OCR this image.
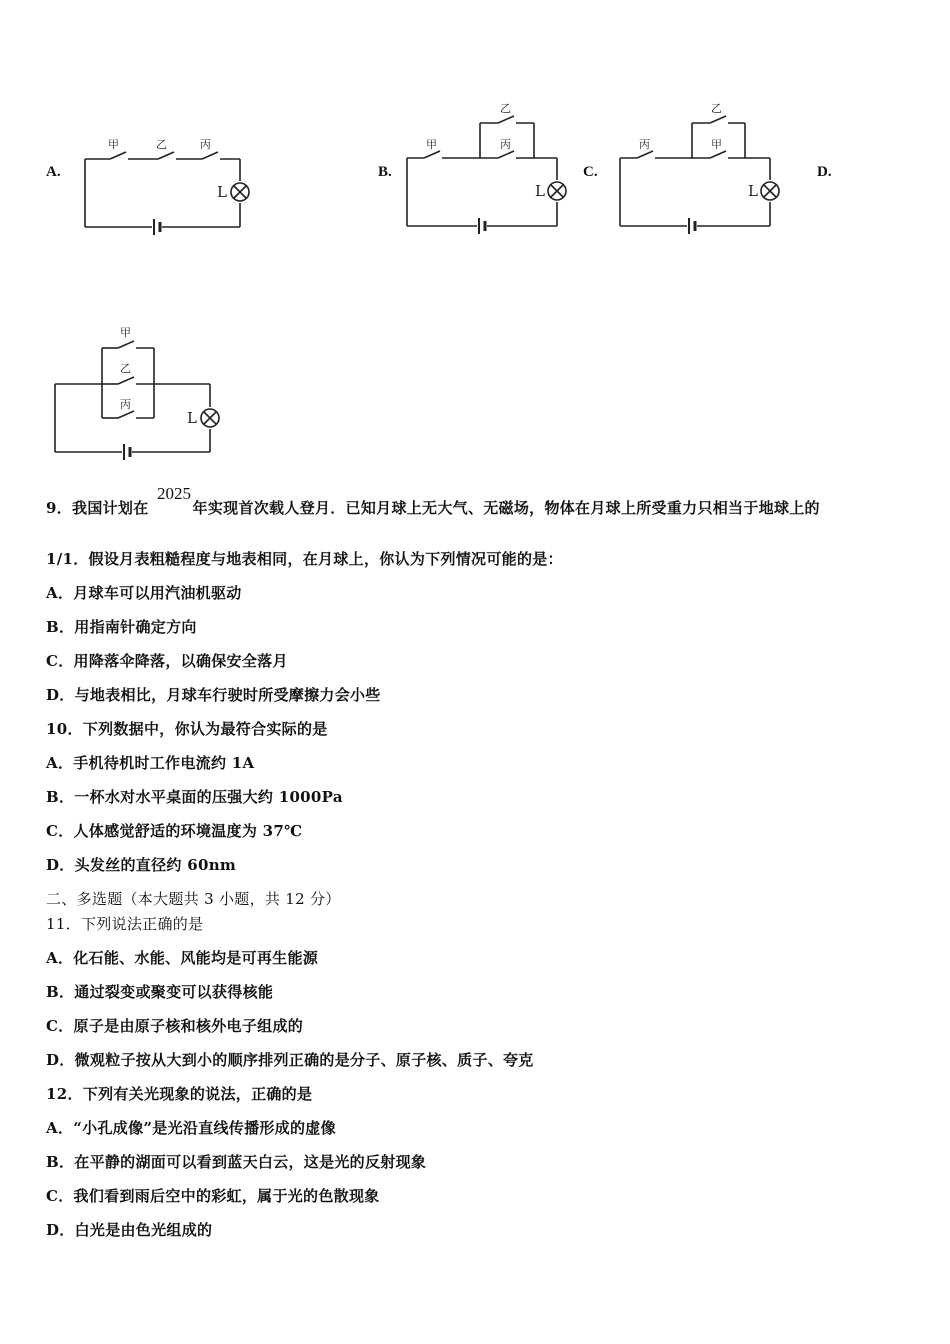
A.	B.	C.	D.
甲	乙	丙
L
甲
乙
丙
L
丙
乙
甲
L
甲
乙
丙
L
9．我国计划在	年实现首次载人登月．已知月球上无大气、无磁场，物体在月球上所受重力只相当于地球上的
2025
1/1．假设月表粗糙程度与地表相同，在月球上，你认为下列情况可能的是：
A．月球车可以用汽油机驱动
B．用指南针确定方向
C．用降落伞降落，以确保安全落月
D．与地表相比，月球车行驶时所受摩擦力会小些
10．下列数据中，你认为最符合实际的是
A．手机待机时工作电流约 1A
B．一杯水对水平桌面的压强大约 1000Pa
C．人体感觉舒适的环境温度为 37℃
D．头发丝的直径约 60nm
二、多选题（本大题共 3 小题，共 12 分）
11．下列说法正确的是
A．化石能、水能、风能均是可再生能源
B．通过裂变或聚变可以获得核能
C．原子是由原子核和核外电子组成的
D．微观粒子按从大到小的顺序排列正确的是分子、原子核、质子、夸克
12．下列有关光现象的说法，正确的是
A．“小孔成像”是光沿直线传播形成的虚像
B．在平静的湖面可以看到蓝天白云，这是光的反射现象
C．我们看到雨后空中的彩虹，属于光的色散现象
D．白光是由色光组成的
